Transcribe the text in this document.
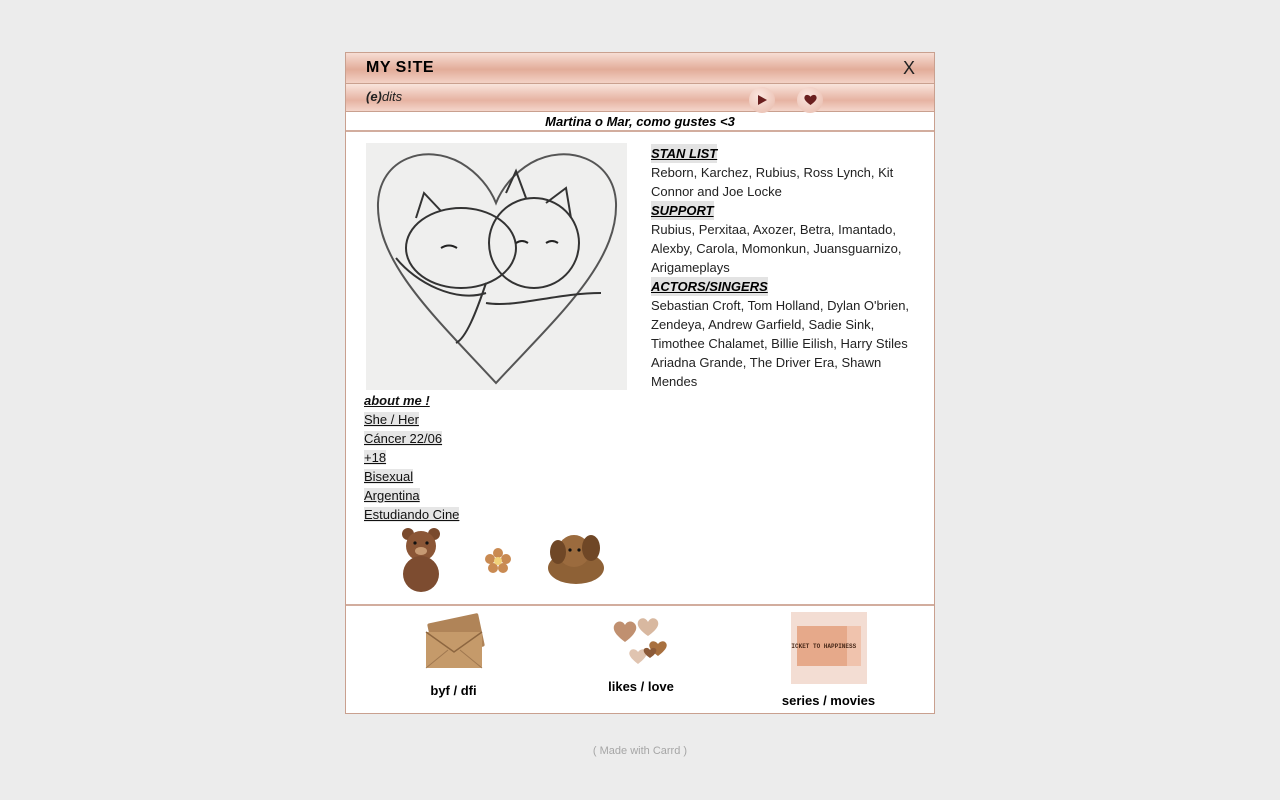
MY S!TE	X
(e)dits
Martina o Mar, como gustes <3
about me !
She / Her
Cáncer 22/06
+18
Bisexual
Argentina
Estudiando Cine
STAN LIST
Reborn, Karchez, Rubius, Ross Lynch, Kit Connor and Joe Locke
SUPPORT
Rubius, Perxitaa, Axozer, Betra, Imantado, Alexby, Carola, Momonkun, Juansguarnizo, Arigameplays
ACTORS/SINGERS
Sebastian Croft, Tom Holland, Dylan O'brien, Zendeya, Andrew Garfield, Sadie Sink, Timothee Chalamet, Billie Eilish, Harry Stiles Ariadna Grande, The Driver Era, Shawn Mendes
byf / dfi	likes / love
TICKET TO HAPPINESS
series / movies
( Made with Carrd )
